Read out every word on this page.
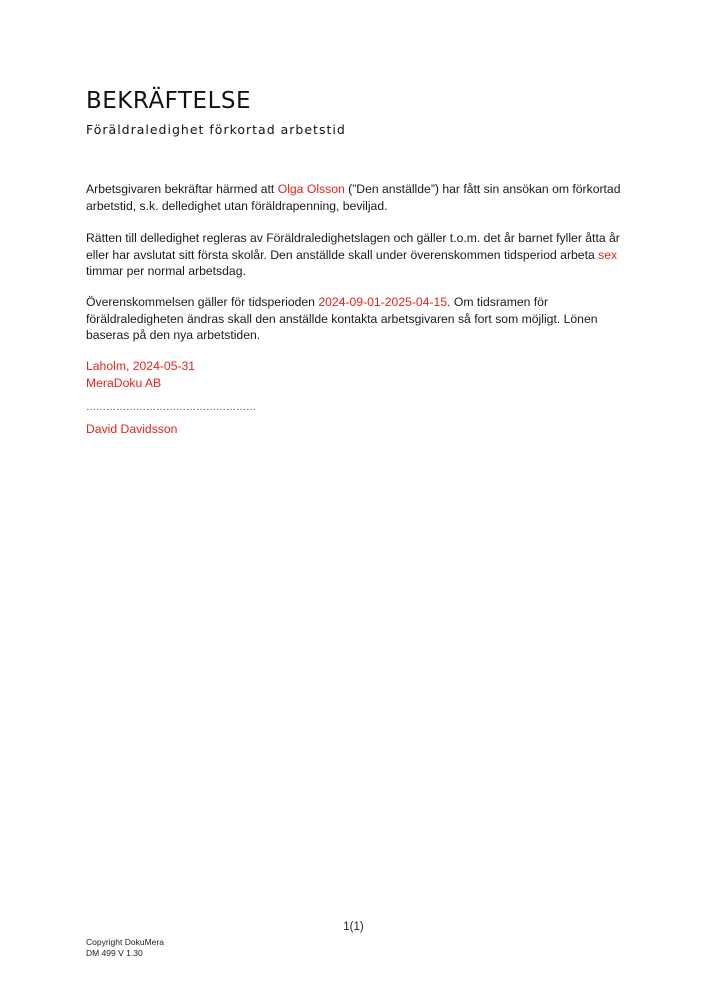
BEKRÄFTELSE
Föräldraledighet förkortad arbetstid
Arbetsgivaren bekräftar härmed att Olga Olsson (”Den anställde”) har fått sin ansökan om förkortad arbetstid, s.k. delledighet utan föräldrapenning, beviljad.
Rätten till delledighet regleras av Föräldraledighetslagen och gäller t.o.m. det år barnet fyller åtta år eller har avslutat sitt första skolår. Den anställde skall under överenskommen tidsperiod arbeta sex timmar per normal arbetsdag.
Överenskommelsen gäller för tidsperioden 2024-09-01-2025-04-15. Om tidsramen för föräldraledigheten ändras skall den anställde kontakta arbetsgivaren så fort som möjligt. Lönen baseras på den nya arbetstiden.
Laholm, 2024-05-31
MeraDoku AB
……………………………………………
David Davidsson
1(1)
Copyright DokuMera
DM 499 V 1.30
